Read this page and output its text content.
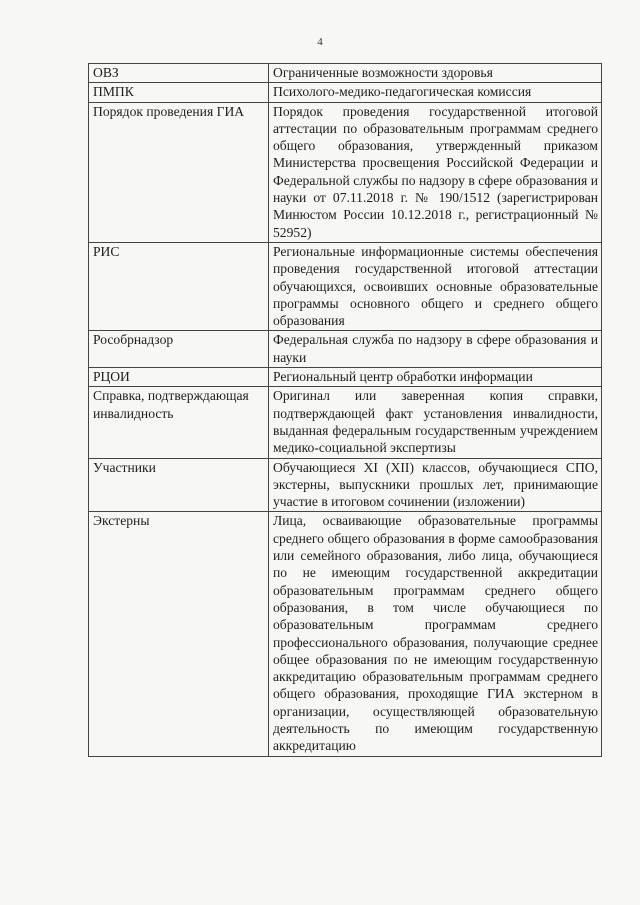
4
ОВЗ	Ограниченные возможности здоровья
ПМПК	Психолого-медико-педагогическая комиссия
Порядок проведения ГИА	Порядок проведения государственной итоговой аттестации по образовательным программам среднего общего образования, утвержденный приказом Министерства просвещения Российской Федерации и Федеральной службы по надзору в сфере образования и науки от 07.11.2018 г. № 190/1512 (зарегистрирован Минюстом России 10.12.2018 г., регистрационный № 52952)
РИС	Региональные информационные системы обеспечения проведения государственной итоговой аттестации обучающихся, освоивших основные образовательные программы основного общего и среднего общего образования
Рособрнадзор	Федеральная служба по надзору в сфере образования и науки
РЦОИ	Региональный центр обработки информации
Справка, подтверждающая инвалидность	Оригинал или заверенная копия справки, подтверждающей факт установления инвалидности, выданная федеральным государственным учреждением медико-социальной экспертизы
Участники	Обучающиеся XI (XII) классов, обучающиеся СПО, экстерны, выпускники прошлых лет, принимающие участие в итоговом сочинении (изложении)
Экстерны	Лица, осваивающие образовательные программы среднего общего образования в форме самообразования или семейного образования, либо лица, обучающиеся по не имеющим государственной аккредитации образовательным программам среднего общего образования, в том числе обучающиеся по образовательным программам среднего профессионального образования, получающие среднее общее образования по не имеющим государственную аккредитацию образовательным программам среднего общего образования, проходящие ГИА экстерном в организации, осуществляющей образовательную деятельность по имеющим государственную аккредитацию
